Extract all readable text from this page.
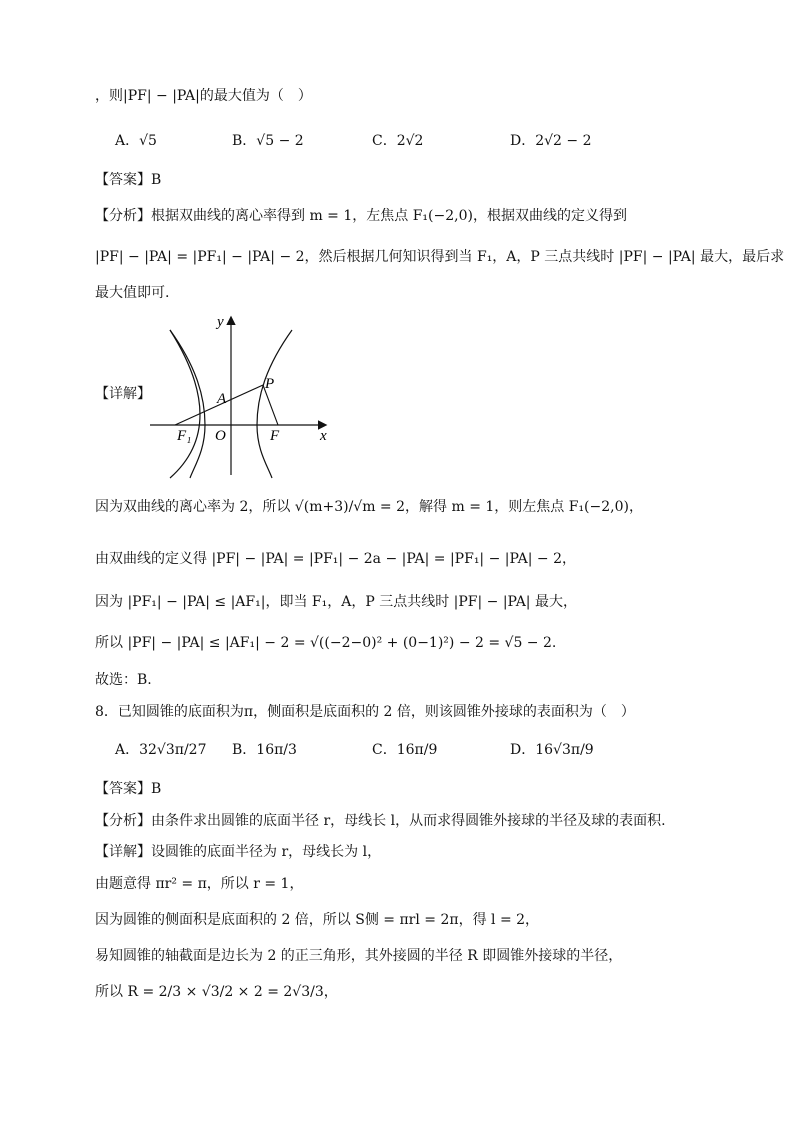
，则|PF| − |PA|的最大值为（　）
A．√5	B．√5 − 2	C．2√2	D．2√2 − 2
【答案】B
【分析】根据双曲线的离心率得到 m = 1，左焦点 F₁(−2,0)，根据双曲线的定义得到
|PF| − |PA| = |PF₁| − |PA| − 2，然后根据几何知识得到当 F₁，A，P 三点共线时 |PF| − |PA| 最大，最后求
最大值即可.
【详解】
y
x
A
P
F₁ O	F
因为双曲线的离心率为 2，所以 √(m+3)/√m = 2，解得 m = 1，则左焦点 F₁(−2,0)，
由双曲线的定义得 |PF| − |PA| = |PF₁| − 2a − |PA| = |PF₁| − |PA| − 2，
因为 |PF₁| − |PA| ≤ |AF₁|，即当 F₁，A，P 三点共线时 |PF| − |PA| 最大，
所以 |PF| − |PA| ≤ |AF₁| − 2 = √((−2−0)² + (0−1)²) − 2 = √5 − 2.
故选：B.
8．已知圆锥的底面积为π，侧面积是底面积的 2 倍，则该圆锥外接球的表面积为（　）
A．32√3π/27 B．16π/3	C．16π/9	D．16√3π/9
【答案】B
【分析】由条件求出圆锥的底面半径 r，母线长 l，从而求得圆锥外接球的半径及球的表面积.
【详解】设圆锥的底面半径为 r，母线长为 l，
由题意得 πr² = π，所以 r = 1，
因为圆锥的侧面积是底面积的 2 倍，所以 S侧 = πrl = 2π，得 l = 2，
易知圆锥的轴截面是边长为 2 的正三角形，其外接圆的半径 R 即圆锥外接球的半径，
所以 R = 2/3 × √3/2 × 2 = 2√3/3，
